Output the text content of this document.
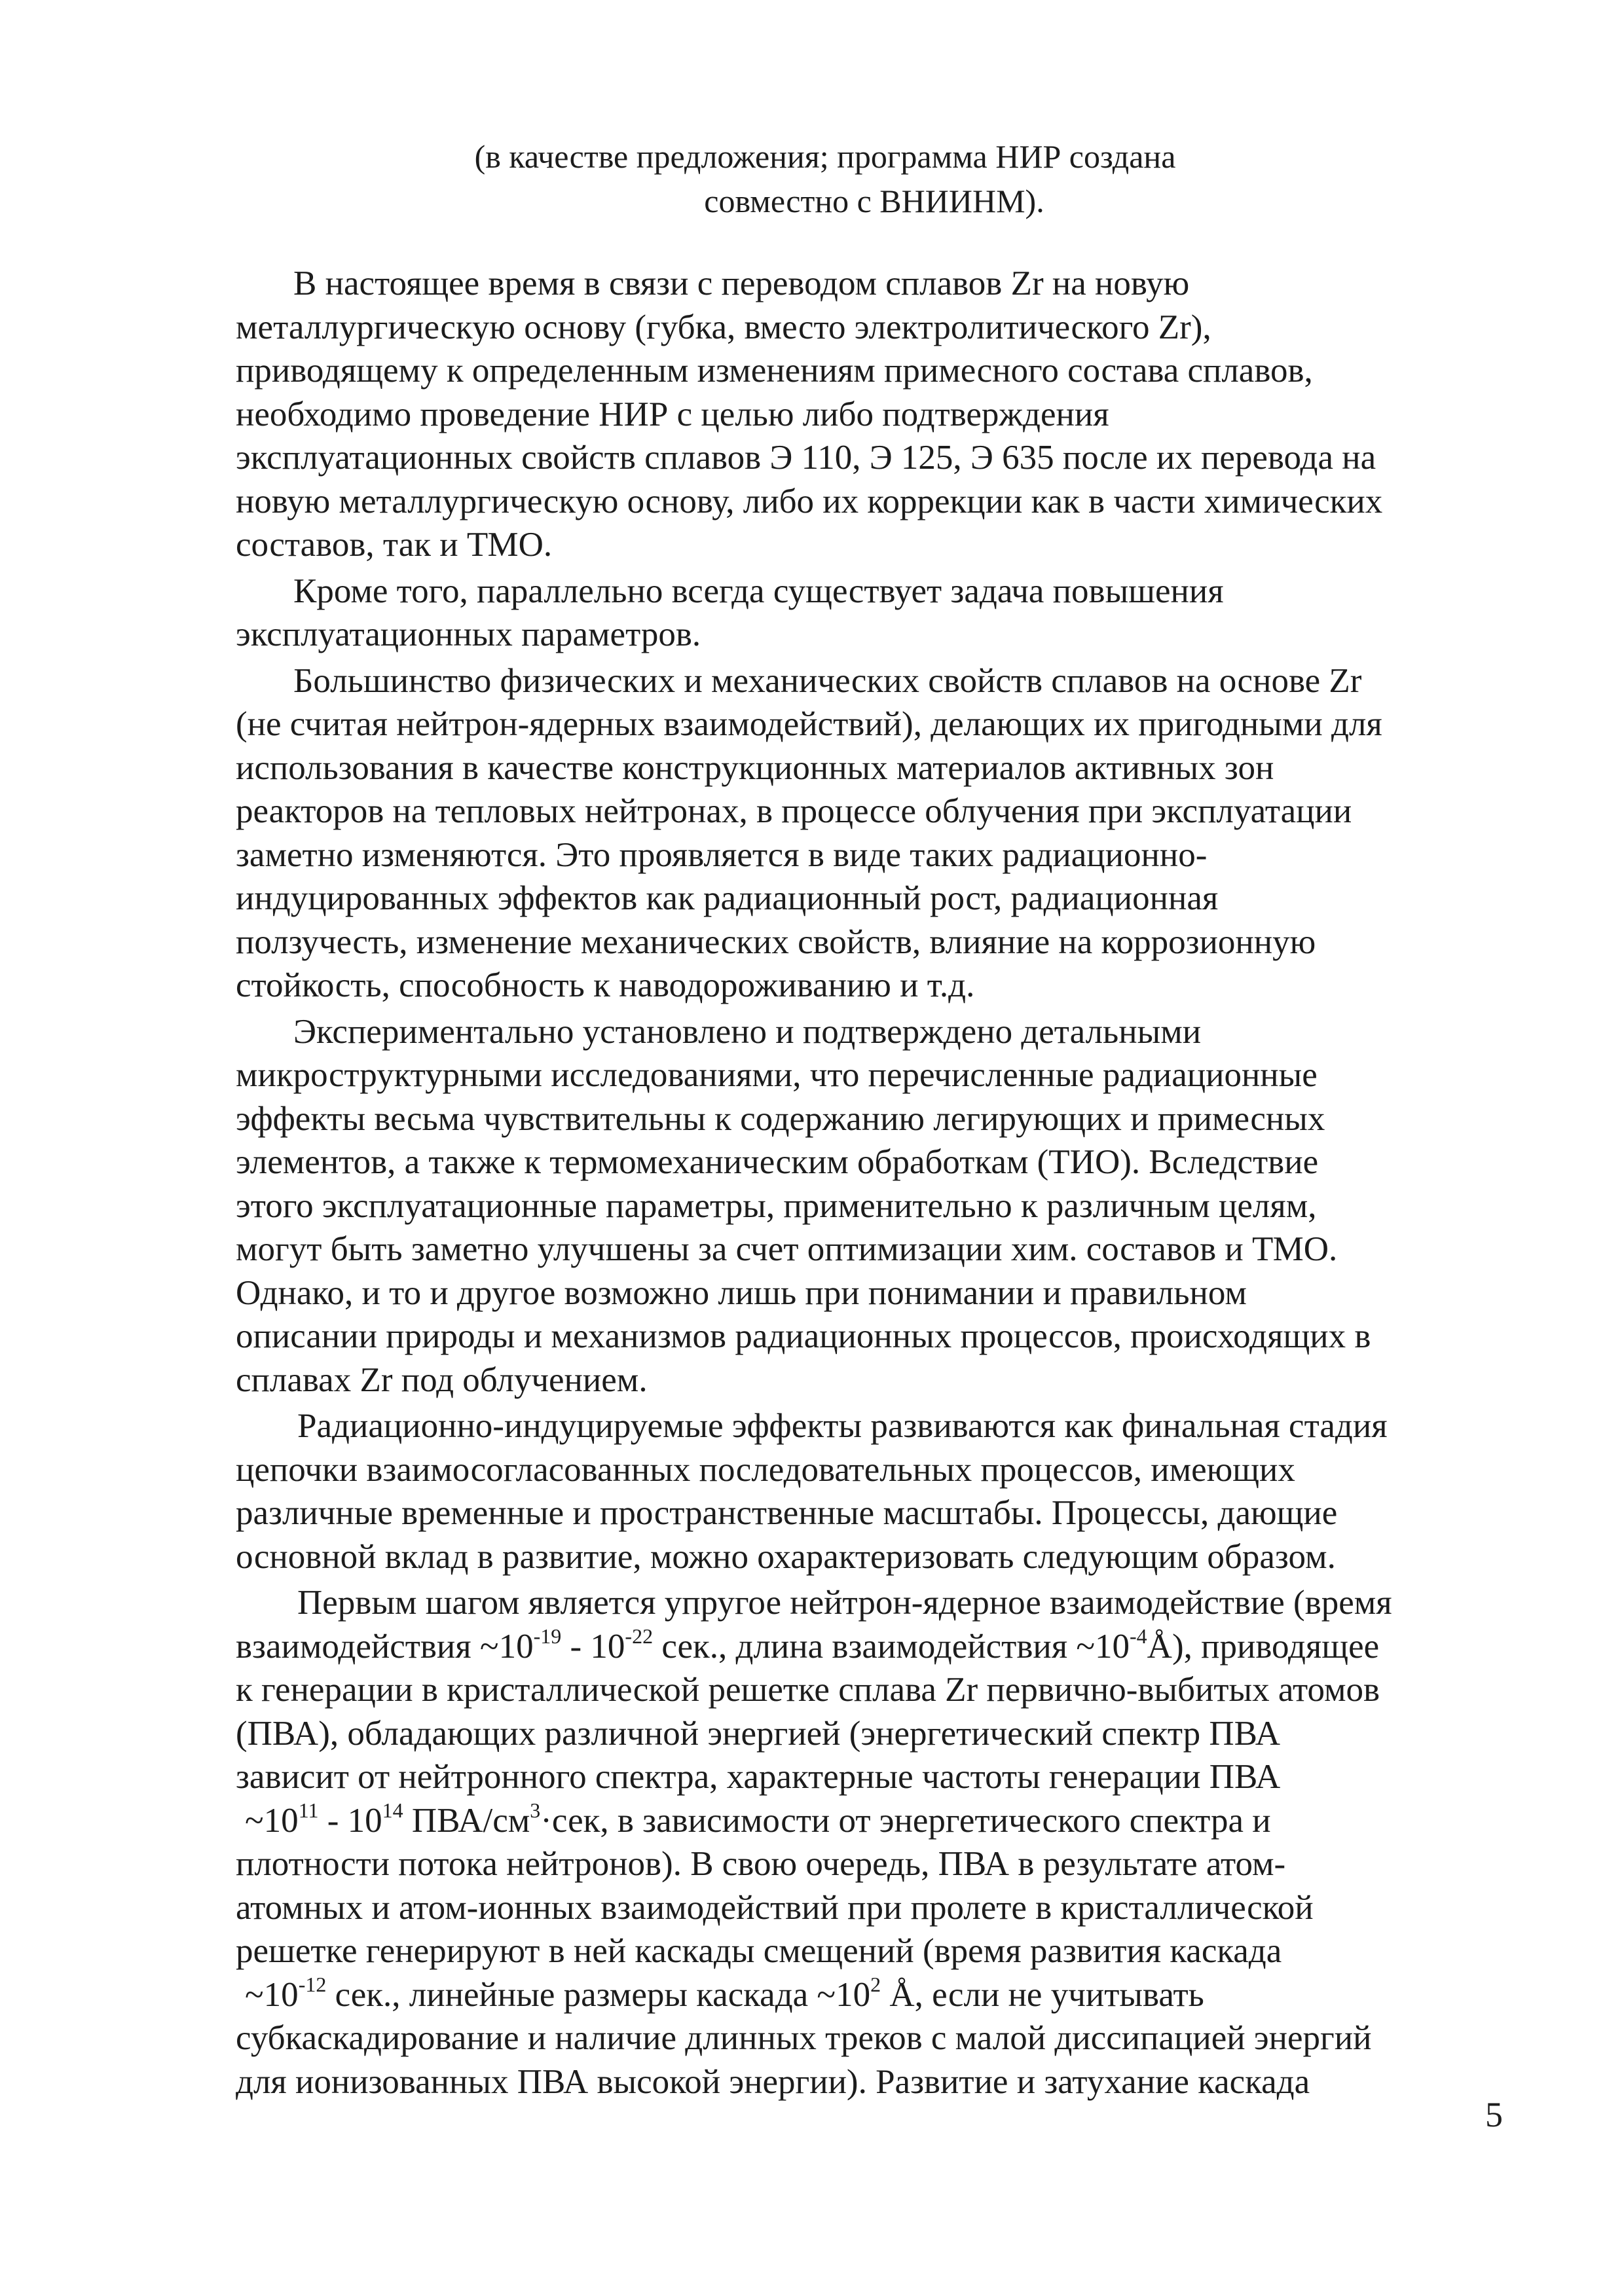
(в качестве предложения; программа НИР создана
совместно с ВНИИНМ).
В настоящее время в связи с переводом сплавов Zr на новую
металлургическую основу (губка, вместо электролитического Zr),
приводящему к определенным изменениям примесного состава сплавов,
необходимо проведение НИР с целью либо подтверждения
эксплуатационных свойств сплавов Э 110, Э 125, Э 635 после их перевода на
новую металлургическую основу, либо их коррекции как в части химических
составов, так и ТМО.
Кроме того, параллельно всегда существует задача повышения
эксплуатационных параметров.
Большинство физических и механических свойств сплавов на основе Zr
(не считая нейтрон-ядерных взаимодействий), делающих их пригодными для
использования в качестве конструкционных материалов активных зон
реакторов на тепловых нейтронах, в процессе облучения при эксплуатации
заметно изменяются. Это проявляется в виде таких радиационно-
индуцированных эффектов как радиационный рост, радиационная
ползучесть, изменение механических свойств, влияние на коррозионную
стойкость, способность к наводороживанию и т.д.
Экспериментально установлено и подтверждено детальными
микроструктурными исследованиями, что перечисленные радиационные
эффекты весьма чувствительны к содержанию легирующих и примесных
элементов, а также к термомеханическим обработкам (ТИО). Вследствие
этого эксплуатационные параметры, применительно к различным целям,
могут быть заметно улучшены за счет оптимизации хим. составов и ТМО.
Однако, и то и другое возможно лишь при понимании и правильном
описании природы и механизмов радиационных процессов, происходящих в
сплавах Zr под облучением.
Радиационно-индуцируемые эффекты развиваются как финальная стадия
цепочки взаимосогласованных последовательных процессов, имеющих
различные временные и пространственные масштабы. Процессы, дающие
основной вклад в развитие, можно охарактеризовать следующим образом.
Первым шагом является упругое нейтрон-ядерное взаимодействие (время
взаимодействия $\sim 10^{-19} - 10^{-22}$ сек., длина взаимодействия $\sim 10^{-4}Å$), приводящее
к генерации в кристаллической решетке сплава Zr первично-выбитых атомов
(ПВА), обладающих различной энергией (энергетический спектр ПВА
зависит от нейтронного спектра, характерные частоты генерации ПВА
$\sim 10^{11} - 10^{14}$ ПВА/$см^3\cdot сек$, в зависимости от энергетического спектра и
плотности потока нейтронов). В свою очередь, ПВА в результате атом-
атомных и атом-ионных взаимодействий при пролете в кристаллической
решетке генерируют в ней каскады смещений (время развития каскада
$\sim 10^{-12}$ сек., линейные размеры каскада $\sim 10^2$ Å, если не учитывать
субкаскадирование и наличие длинных треков с малой диссипацией энергий
для ионизованных ПВА высокой энергии). Развитие и затухание каскада
5
